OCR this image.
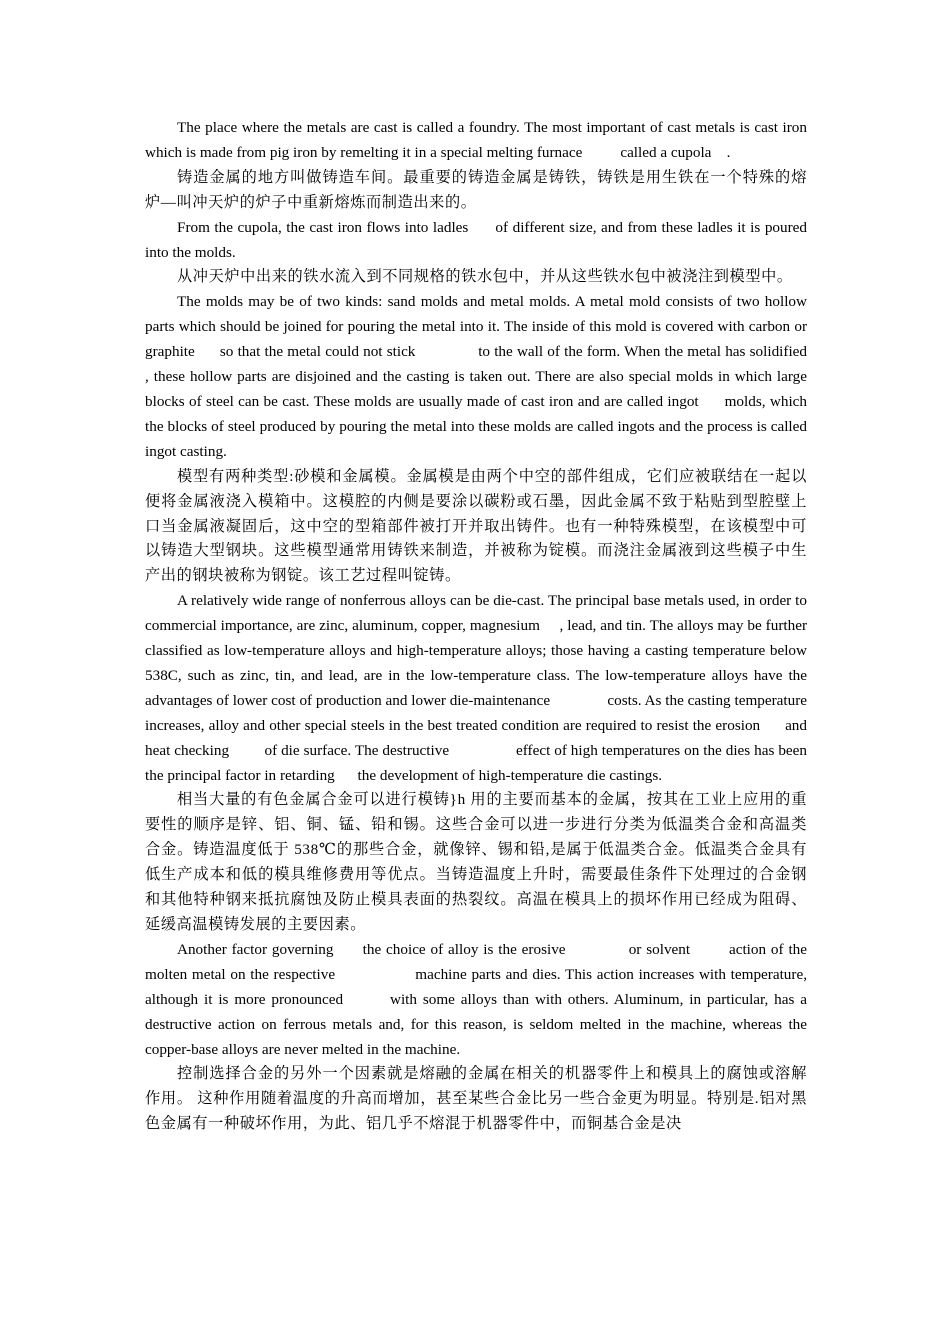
The place where the metals are cast is called a foundry. The most important of cast metals is cast iron which is made from pig iron by remelting it in a special melting furnace          called a cupola    .

铸造金属的地方叫做铸造车间。最重要的铸造金属是铸铁，铸铁是用生铁在一个特殊的熔炉—叫冲天炉的炉子中重新熔炼而制造出来的。

From the cupola, the cast iron flows into ladles      of different size, and from these ladles it is poured into the molds.

从冲天炉中出来的铁水流入到不同规格的铁水包中，并从这些铁水包中被浇注到模型中。

The molds may be of two kinds: sand molds and metal molds. A metal mold consists of two hollow parts which should be joined for pouring the metal into it. The inside of this mold is covered with carbon or graphite      so that the metal could not stick               to the wall of the form. When the metal has solidified                 , these hollow parts are disjoined and the casting is taken out. There are also special molds in which large blocks of steel can be cast. These molds are usually made of cast iron and are called ingot      molds, which the blocks of steel produced by pouring the metal into these molds are called ingots and the process is called ingot casting.

模型有两种类型:砂模和金属模。金属模是由两个中空的部件组成，它们应被联结在一起以便将金属液浇入模箱中。这模腔的内侧是要涂以碳粉或石墨，因此金属不致于粘贴到型腔壁上口当金属液凝固后，这中空的型箱部件被打开并取出铸件。也有一种特殊模型，在该模型中可以铸造大型钢块。这些模型通常用铸铁来制造，并被称为锭模。而浇注金属液到这些模子中生产出的钢块被称为钢锭。该工艺过程叫锭铸。

A relatively wide range of nonferrous alloys can be die-cast. The principal base metals used, in order to commercial importance, are zinc, aluminum, copper, magnesium     , lead, and tin. The alloys may be further classified as low-temperature alloys and high-temperature alloys; those having a casting temperature below 538C, such as zinc, tin, and lead, are in the low-temperature class. The low-temperature alloys have the advantages of lower cost of production and lower die-maintenance               costs. As the casting temperature increases, alloy and other special steels in the best treated condition are required to resist the erosion      and heat checking         of die surface. The destructive                 effect of high temperatures on the dies has been the principal factor in retarding      the development of high-temperature die castings.

相当大量的有色金属合金可以进行模铸}h 用的主要而基本的金属，按其在工业上应用的重要性的顺序是锌、铝、铜、锰、铅和锡。这些合金可以进一步进行分类为低温类合金和高温类合金。铸造温度低于 538℃的那些合金，就像锌、锡和铅,是属于低温类合金。低温类合金具有低生产成本和低的模具维修费用等优点。当铸造温度上升时，需要最佳条件下处理过的合金钢和其他特种钢来抵抗腐蚀及防止模具表面的热裂纹。高温在模具上的损坏作用已经成为阻碍、延缓高温模铸发展的主要因素。

Another factor governing      the choice of alloy is the erosive             or solvent        action of the molten metal on the respective                 machine parts and dies. This action increases with temperature, although it is more pronounced        with some alloys than with others. Aluminum, in particular, has a destructive action on ferrous metals and, for this reason, is seldom melted in the machine, whereas the copper-base alloys are never melted in the machine.

控制选择合金的另外一个因素就是熔融的金属在相关的机器零件上和模具上的腐蚀或溶解作用。 这种作用随着温度的升高而增加，甚至某些合金比另一些合金更为明显。特别是.铝对黑色金属有一种破坏作用，为此、铝几乎不熔混于机器零件中，而铜基合金是决
